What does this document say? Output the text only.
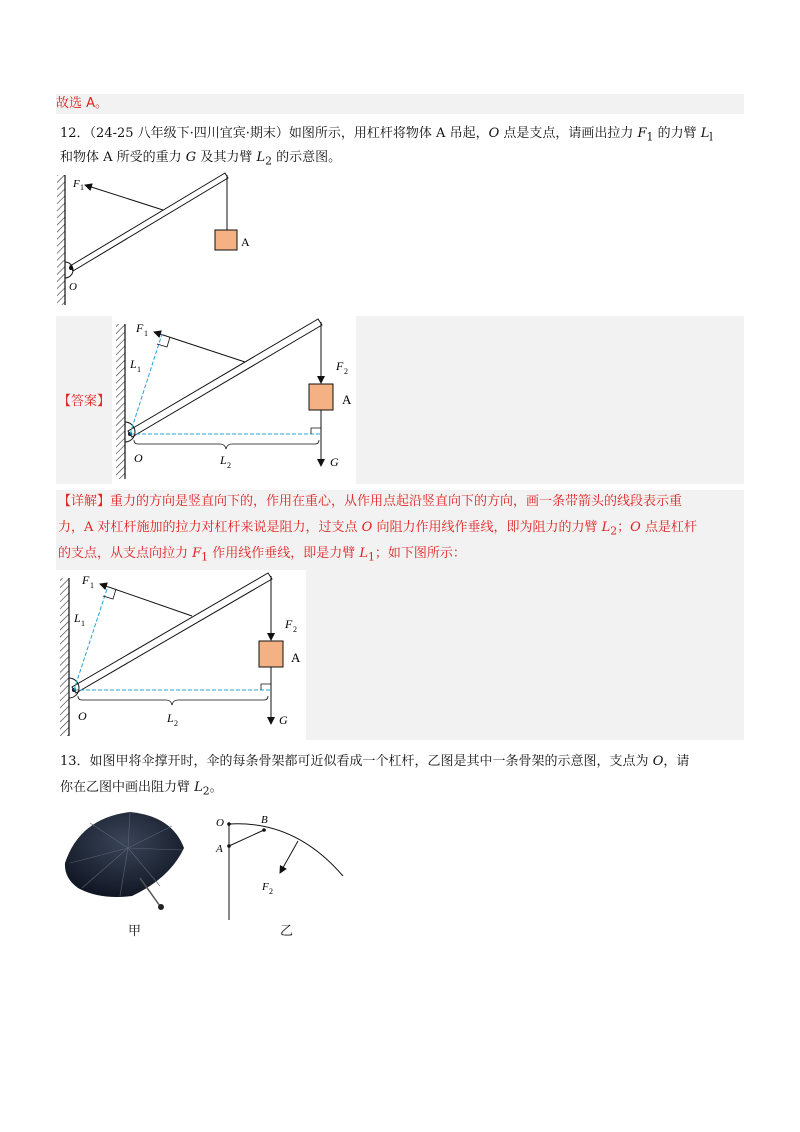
故选 A。
12．（24-25 八年级下·四川宜宾·期末）如图所示，用杠杆将物体 A 吊起，O 点是支点，请画出拉力 $F_1$ 的力臂 $L_l$
和物体 A 所受的重力 G 及其力臂 $L_2$ 的示意图。
F 1
A
O
【答案】
F 1
L 1	F 2
A
O	L 2	G
【详解】重力的方向是竖直向下的，作用在重心，从作用点起沿竖直向下的方向，画一条带箭头的线段表示重
力，A 对杠杆施加的拉力对杠杆来说是阻力，过支点 O 向阻力作用线作垂线，即为阻力的力臂 $L_2$；O 点是杠杆
的支点，从支点向拉力 $F_1$ 作用线作垂线，即是力臂 $L_1$；如下图所示：
F 1
L 1	F 2
A
O	L 2	G
13．如图甲将伞撑开时，伞的每条骨架都可近似看成一个杠杆，乙图是其中一条骨架的示意图，支点为 O，请
你在乙图中画出阻力臂 $L_2$。
甲
O	B
A
F 2
乙
